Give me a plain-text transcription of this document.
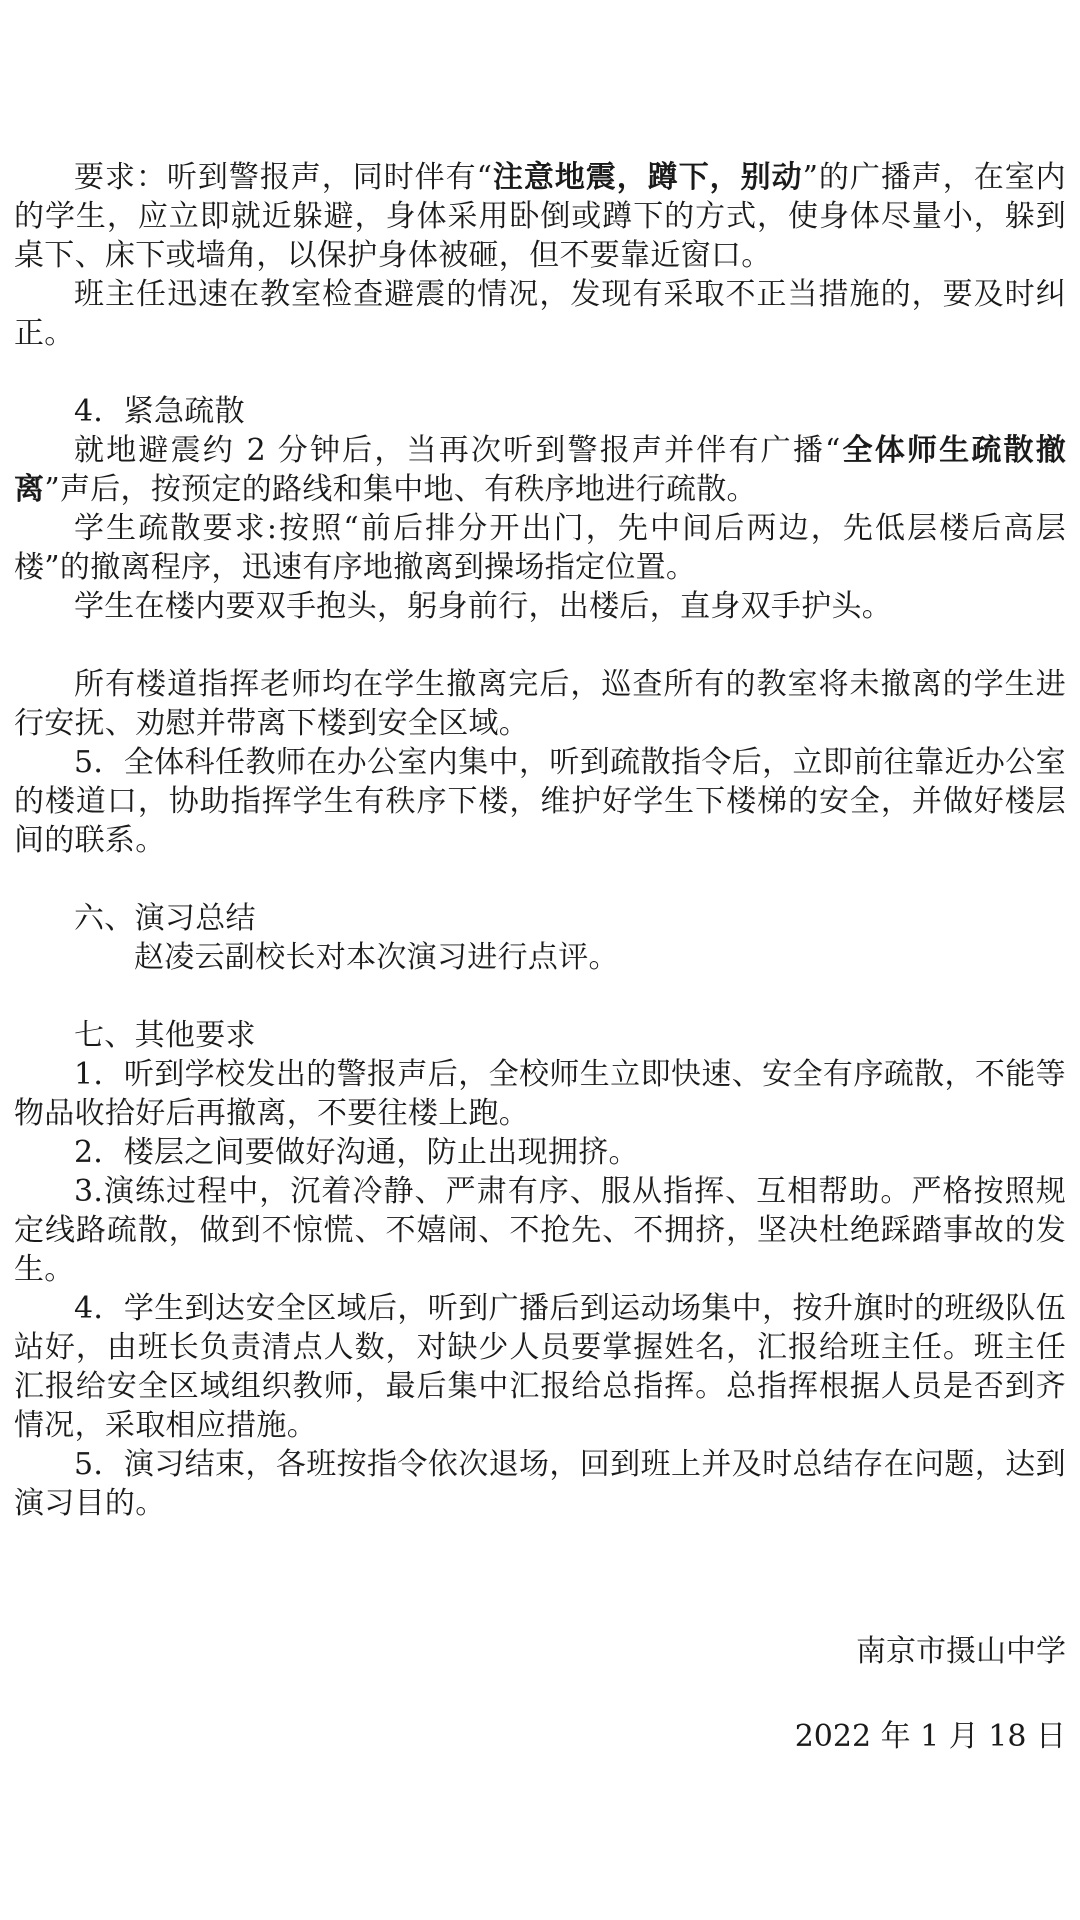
要求：听到警报声，同时伴有“注意地震，蹲下，别动”的广播声，在室内的学生，应立即就近躲避，身体采用卧倒或蹲下的方式，使身体尽量小，躲到桌下、床下或墙角，以保护身体被砸，但不要靠近窗口。

班主任迅速在教室检查避震的情况，发现有采取不正当措施的，要及时纠正。

4．紧急疏散

就地避震约 2 分钟后，当再次听到警报声并伴有广播“全体师生疏散撤离”声后，按预定的路线和集中地、有秩序地进行疏散。

学生疏散要求:按照“前后排分开出门，先中间后两边，先低层楼后高层楼”的撤离程序，迅速有序地撤离到操场指定位置。

学生在楼内要双手抱头，躬身前行，出楼后，直身双手护头。

所有楼道指挥老师均在学生撤离完后，巡查所有的教室将未撤离的学生进行安抚、劝慰并带离下楼到安全区域。

5．全体科任教师在办公室内集中，听到疏散指令后，立即前往靠近办公室的楼道口，协助指挥学生有秩序下楼，维护好学生下楼梯的安全，并做好楼层间的联系。

六、演习总结

赵凌云副校长对本次演习进行点评。

七、其他要求

1．听到学校发出的警报声后，全校师生立即快速、安全有序疏散，不能等物品收拾好后再撤离，不要往楼上跑。

2．楼层之间要做好沟通，防止出现拥挤。

3.演练过程中，沉着冷静、严肃有序、服从指挥、互相帮助。严格按照规定线路疏散，做到不惊慌、不嬉闹、不抢先、不拥挤，坚决杜绝踩踏事故的发生。

4．学生到达安全区域后，听到广播后到运动场集中，按升旗时的班级队伍站好，由班长负责清点人数，对缺少人员要掌握姓名，汇报给班主任。班主任汇报给安全区域组织教师，最后集中汇报给总指挥。总指挥根据人员是否到齐情况，采取相应措施。

5．演习结束，各班按指令依次退场，回到班上并及时总结存在问题，达到演习目的。

南京市摄山中学
2022 年 1 月 18 日
